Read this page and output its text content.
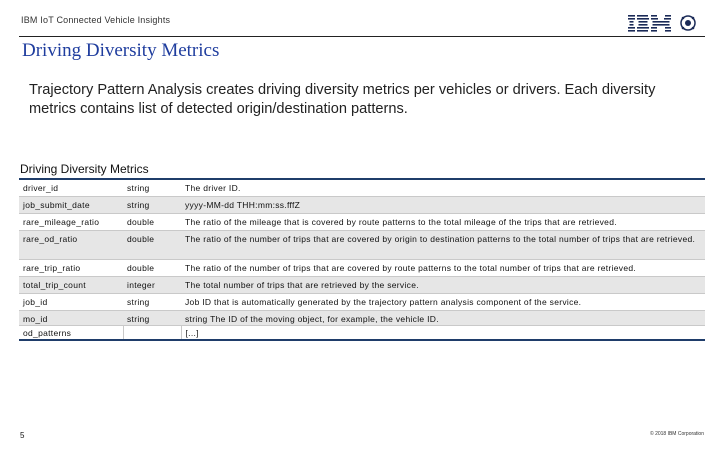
IBM IoT Connected Vehicle Insights
Driving Diversity Metrics
Trajectory Pattern Analysis creates driving diversity metrics per vehicles or drivers. Each diversity metrics contains list of detected origin/destination patterns.
Driving Diversity Metrics
driver_id	string	The driver ID.
job_submit_date	string	yyyy-MM-dd THH:mm:ss.fffZ
rare_mileage_ratio	double	The ratio of the mileage that is covered by route patterns to the total mileage of the trips that are retrieved.
rare_od_ratio	double	The ratio of the number of trips that are covered by origin to destination patterns to the total number of trips that are retrieved.
rare_trip_ratio	double	The ratio of the number of trips that are covered by route patterns to the total number of trips that are retrieved.
total_trip_count	integer	The total number of trips that are retrieved by the service.
job_id	string	Job ID that is automatically generated by the trajectory pattern analysis component of the service.
mo_id	string	string The ID of the moving object, for example, the vehicle ID.
od_patterns		[...]
5	© 2018 IBM Corporation
